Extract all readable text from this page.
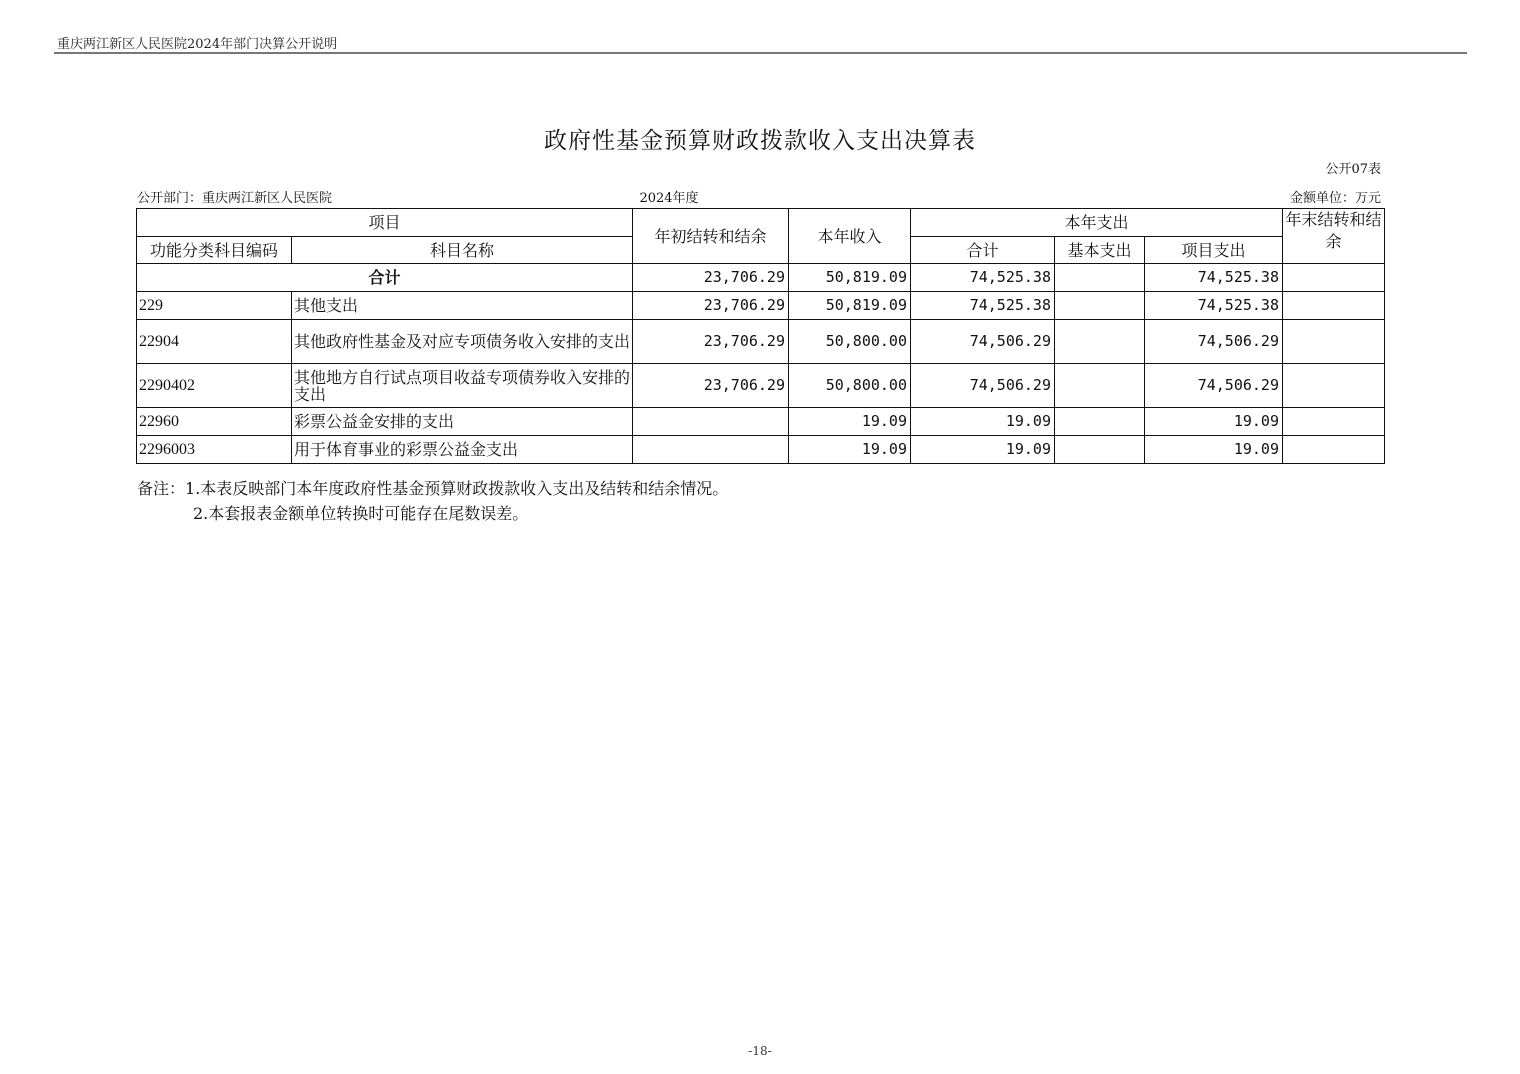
重庆两江新区人民医院2024年部门决算公开说明
政府性基金预算财政拨款收入支出决算表
公开07表
公开部门：重庆两江新区人民医院	2024年度	金额单位：万元
项目		年初结转和结余	本年收入	本年支出			年末结转和结余
功能分类科目编码	科目名称			合计	基本支出	项目支出	
合计		23,706.29	50,819.09	74,525.38		74,525.38	
229	其他支出	23,706.29	50,819.09	74,525.38		74,525.38	
22904	其他政府性基金及对应专项债务收入安排的支出	23,706.29	50,800.00	74,506.29		74,506.29	
2290402	其他地方自行试点项目收益专项债券收入安排的支出	23,706.29	50,800.00	74,506.29		74,506.29	
22960	彩票公益金安排的支出		19.09	19.09		19.09	
2296003	用于体育事业的彩票公益金支出		19.09	19.09		19.09	
备注：1.本表反映部门本年度政府性基金预算财政拨款收入支出及结转和结余情况。
2.本套报表金额单位转换时可能存在尾数误差。
-18-
